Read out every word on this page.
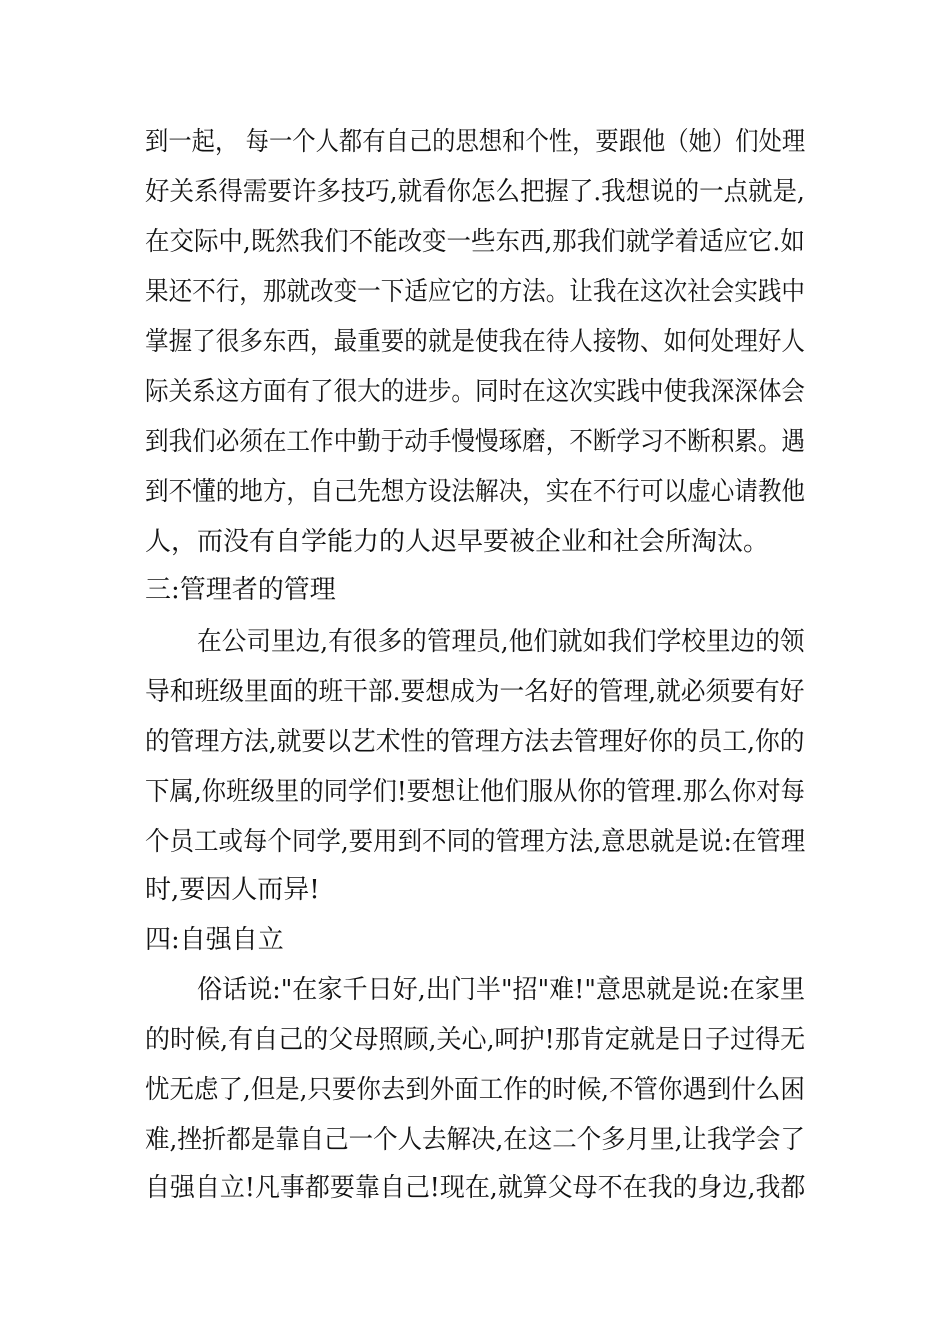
到一起， 每一个人都有自己的思想和个性，要跟他（她）们处理
好关系得需要许多技巧,就看你怎么把握了.我想说的一点就是,
在交际中,既然我们不能改变一些东西,那我们就学着适应它.如
果还不行，那就改变一下适应它的方法。让我在这次社会实践中
掌握了很多东西，最重要的就是使我在待人接物、如何处理好人
际关系这方面有了很大的进步。同时在这次实践中使我深深体会
到我们必须在工作中勤于动手慢慢琢磨，不断学习不断积累。遇
到不懂的地方，自己先想方设法解决，实在不行可以虚心请教他
人，而没有自学能力的人迟早要被企业和社会所淘汰。
三:管理者的管理
在公司里边,有很多的管理员,他们就如我们学校里边的领
导和班级里面的班干部.要想成为一名好的管理,就必须要有好
的管理方法,就要以艺术性的管理方法去管理好你的员工,你的
下属,你班级里的同学们!要想让他们服从你的管理.那么你对每
个员工或每个同学,要用到不同的管理方法,意思就是说:在管理
时,要因人而异!
四:自强自立
俗话说:"在家千日好,出门半"招"难!"意思就是说:在家里
的时候,有自己的父母照顾,关心,呵护!那肯定就是日子过得无
忧无虑了,但是,只要你去到外面工作的时候,不管你遇到什么困
难,挫折都是靠自己一个人去解决,在这二个多月里,让我学会了
自强自立!凡事都要靠自己!现在,就算父母不在我的身边,我都
